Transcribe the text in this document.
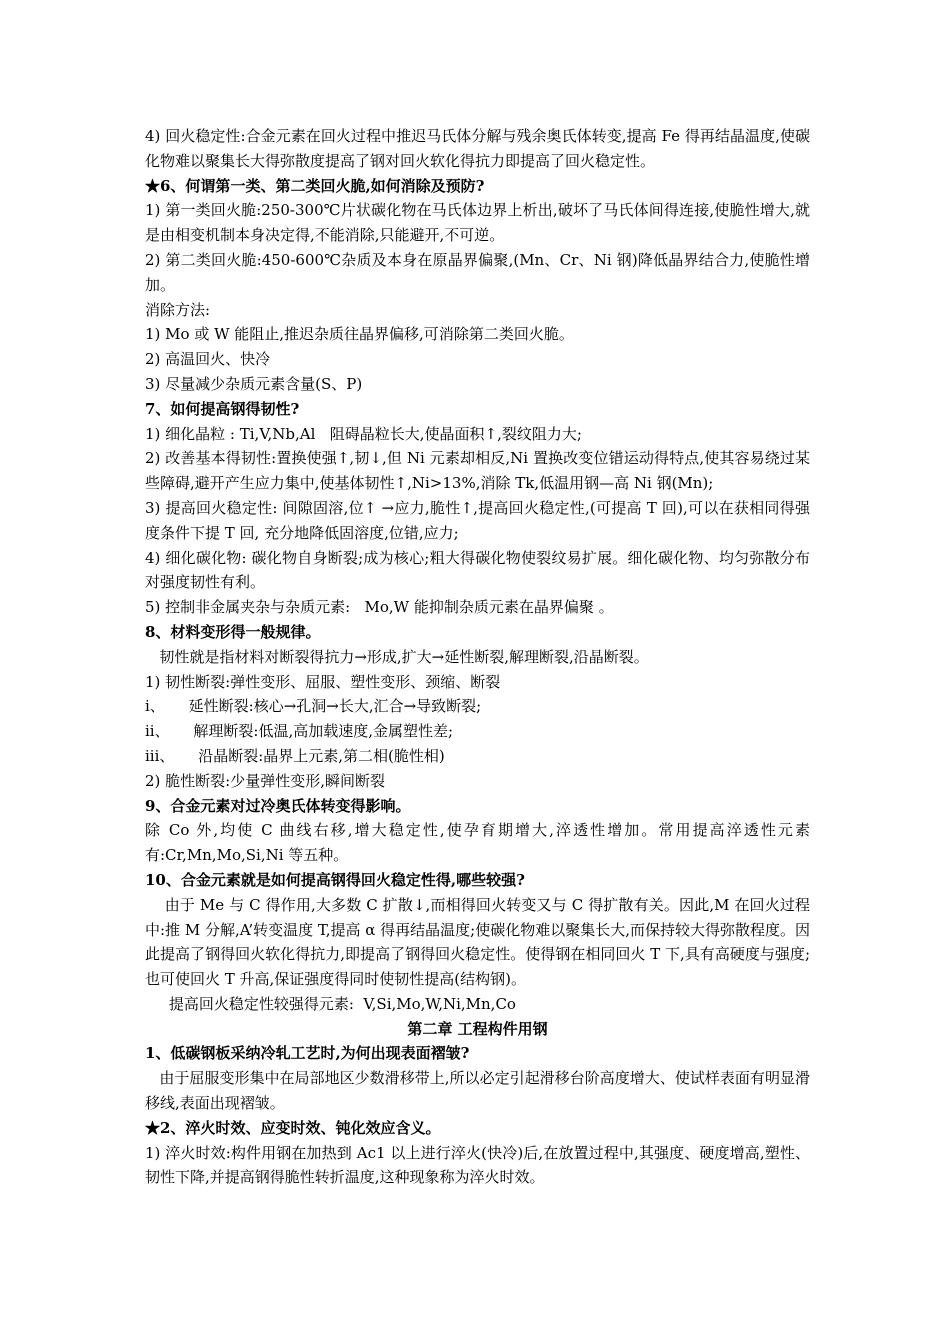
4) 回火稳定性:合金元素在回火过程中推迟马氏体分解与残余奥氏体转变,提高 Fe 得再结晶温度,使碳化物难以聚集长大得弥散度提高了钢对回火软化得抗力即提高了回火稳定性。

★6、何谓第一类、第二类回火脆,如何消除及预防?

1) 第一类回火脆:250-300℃片状碳化物在马氏体边界上析出,破坏了马氏体间得连接,使脆性增大,就是由相变机制本身决定得,不能消除,只能避开,不可逆。

2) 第二类回火脆:450-600℃杂质及本身在原晶界偏聚,(Mn、Cr、Ni 钢)降低晶界结合力,使脆性增加。

消除方法:

1) Mo 或 W 能阻止,推迟杂质往晶界偏移,可消除第二类回火脆。

2) 高温回火、快冷

3) 尽量减少杂质元素含量(S、P)

7、如何提高钢得韧性?

1) 细化晶粒 : Ti,V,Nb,Al   阻碍晶粒长大,使晶面积↑,裂纹阻力大;

2) 改善基本得韧性:置换使强↑,韧↓,但 Ni 元素却相反,Ni 置换改变位错运动得特点,使其容易绕过某些障碍,避开产生应力集中,使基体韧性↑,Ni>13%,消除 Tk,低温用钢—高 Ni 钢(Mn);

3) 提高回火稳定性: 间隙固溶,位↑ →应力,脆性↑,提高回火稳定性,(可提高 T 回),可以在获相同得强度条件下提 T 回, 充分地降低固溶度,位错,应力;

4) 细化碳化物: 碳化物自身断裂;成为核心;粗大得碳化物使裂纹易扩展。细化碳化物、均匀弥散分布对强度韧性有利。

5) 控制非金属夹杂与杂质元素:   Mo,W 能抑制杂质元素在晶界偏聚 。

8、材料变形得一般规律。

韧性就是指材料对断裂得抗力→形成,扩大→延性断裂,解理断裂,沿晶断裂。

1) 韧性断裂:弹性变形、屈服、塑性变形、颈缩、断裂

i、     延性断裂:核心→孔洞→长大,汇合→导致断裂;

ii、     解理断裂:低温,高加载速度,金属塑性差;

iii、     沿晶断裂:晶界上元素,第二相(脆性相)

2) 脆性断裂:少量弹性变形,瞬间断裂

9、合金元素对过冷奥氏体转变得影响。

除 Co 外,均使 C 曲线右移,增大稳定性,使孕育期增大,淬透性增加。常用提高淬透性元素有:Cr,Mn,Mo,Si,Ni 等五种。

10、合金元素就是如何提高钢得回火稳定性得,哪些较强?

由于 Me 与 C 得作用,大多数 C 扩散↓,而相得回火转变又与 C 得扩散有关。因此,M 在回火过程中:推 M 分解,A’转变温度 T,提高 α 得再结晶温度;使碳化物难以聚集长大,而保持较大得弥散程度。因此提高了钢得回火软化得抗力,即提高了钢得回火稳定性。使得钢在相同回火 T 下,具有高硬度与强度;也可使回火 T 升高,保证强度得同时使韧性提高(结构钢)。

提高回火稳定性较强得元素:  V,Si,Mo,W,Ni,Mn,Co

第二章 工程构件用钢

1、低碳钢板采纳冷轧工艺时,为何出现表面褶皱?

由于屈服变形集中在局部地区少数滑移带上,所以必定引起滑移台阶高度增大、使试样表面有明显滑移线,表面出现褶皱。

★2、淬火时效、应变时效、钝化效应含义。

1) 淬火时效:构件用钢在加热到 Ac1 以上进行淬火(快冷)后,在放置过程中,其强度、硬度增高,塑性、韧性下降,并提高钢得脆性转折温度,这种现象称为淬火时效。
